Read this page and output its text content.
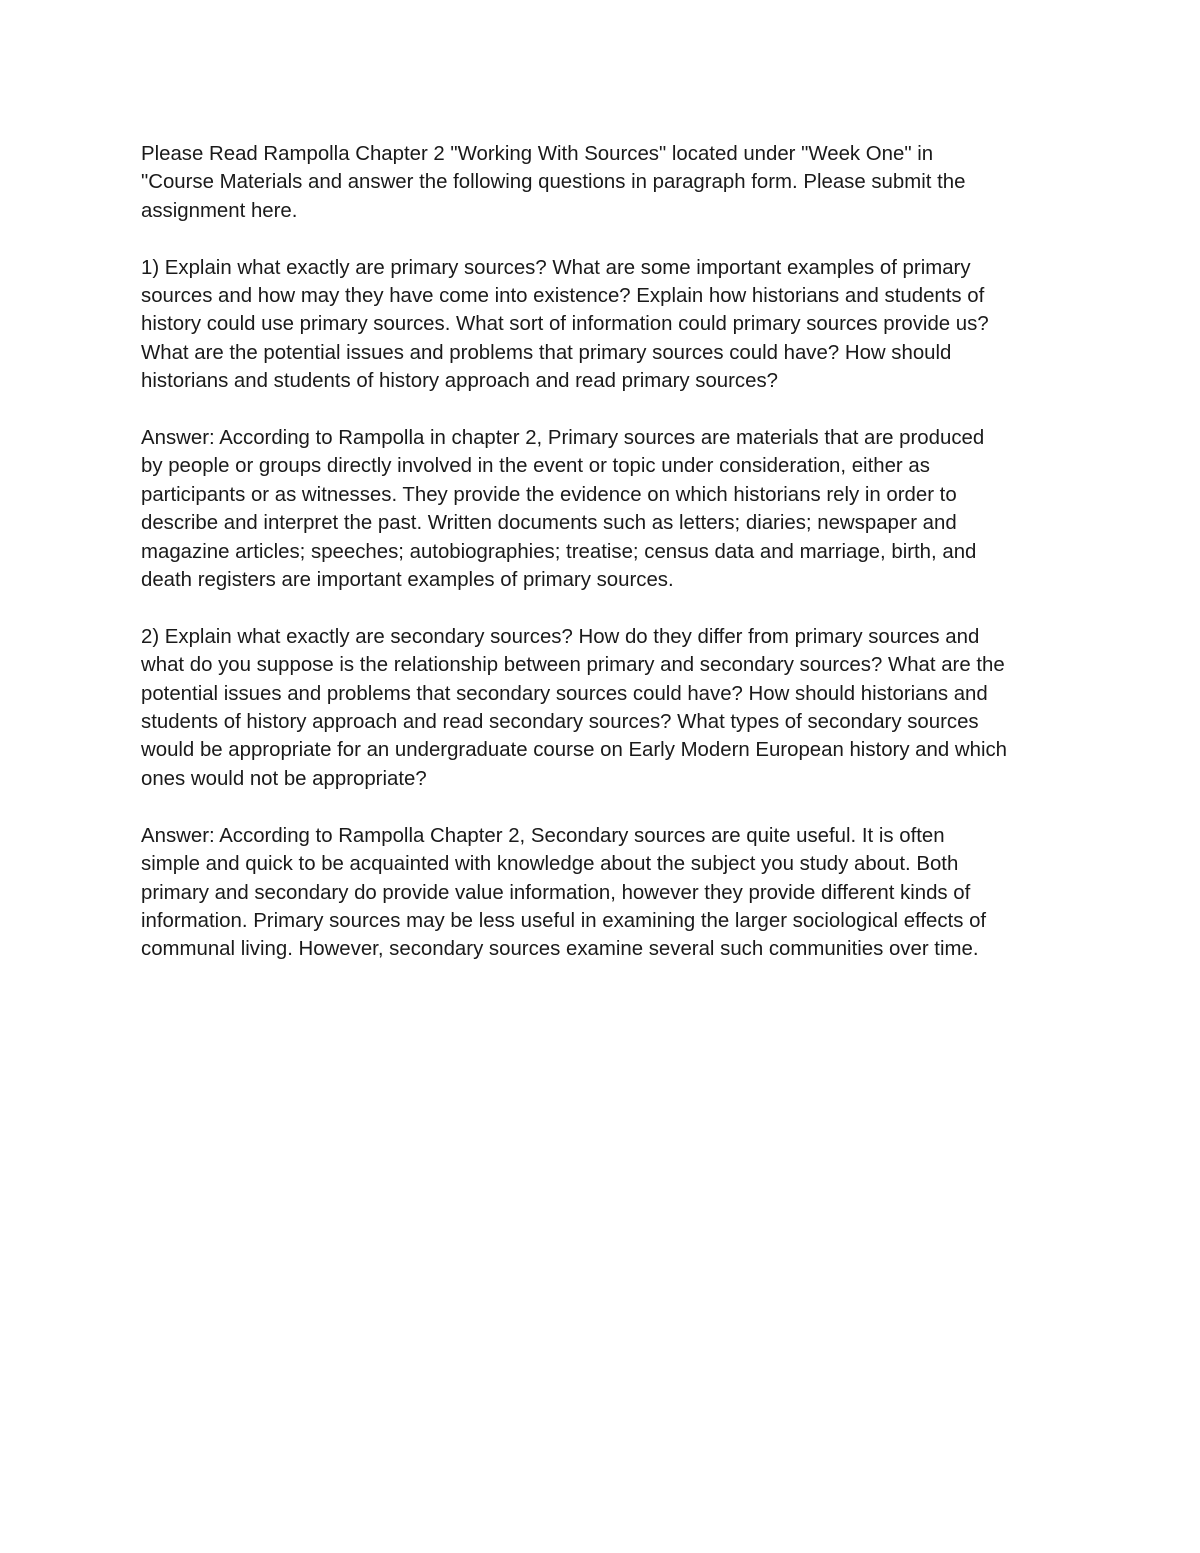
Please Read Rampolla Chapter 2 "Working With Sources" located under "Week One" in
"Course Materials and answer the following questions in paragraph form. Please submit the
assignment here.

1) Explain what exactly are primary sources? What are some important examples of primary
sources and how may they have come into existence? Explain how historians and students of
history could use primary sources. What sort of information could primary sources provide us?
What are the potential issues and problems that primary sources could have? How should
historians and students of history approach and read primary sources?

Answer: According to Rampolla in chapter 2, Primary sources are materials that are produced
by people or groups directly involved in the event or topic under consideration, either as
participants or as witnesses. They provide the evidence on which historians rely in order to
describe and interpret the past. Written documents such as letters; diaries; newspaper and
magazine articles; speeches; autobiographies; treatise; census data and marriage, birth, and
death registers are important examples of primary sources.

2) Explain what exactly are secondary sources? How do they differ from primary sources and
what do you suppose is the relationship between primary and secondary sources? What are the
potential issues and problems that secondary sources could have? How should historians and
students of history approach and read secondary sources? What types of secondary sources
would be appropriate for an undergraduate course on Early Modern European history and which
ones would not be appropriate?

Answer: According to Rampolla Chapter 2, Secondary sources are quite useful. It is often
simple and quick to be acquainted with knowledge about the subject you study about. Both
primary and secondary do provide value information, however they provide different kinds of
information. Primary sources may be less useful in examining the larger sociological effects of
communal living. However, secondary sources examine several such communities over time.
